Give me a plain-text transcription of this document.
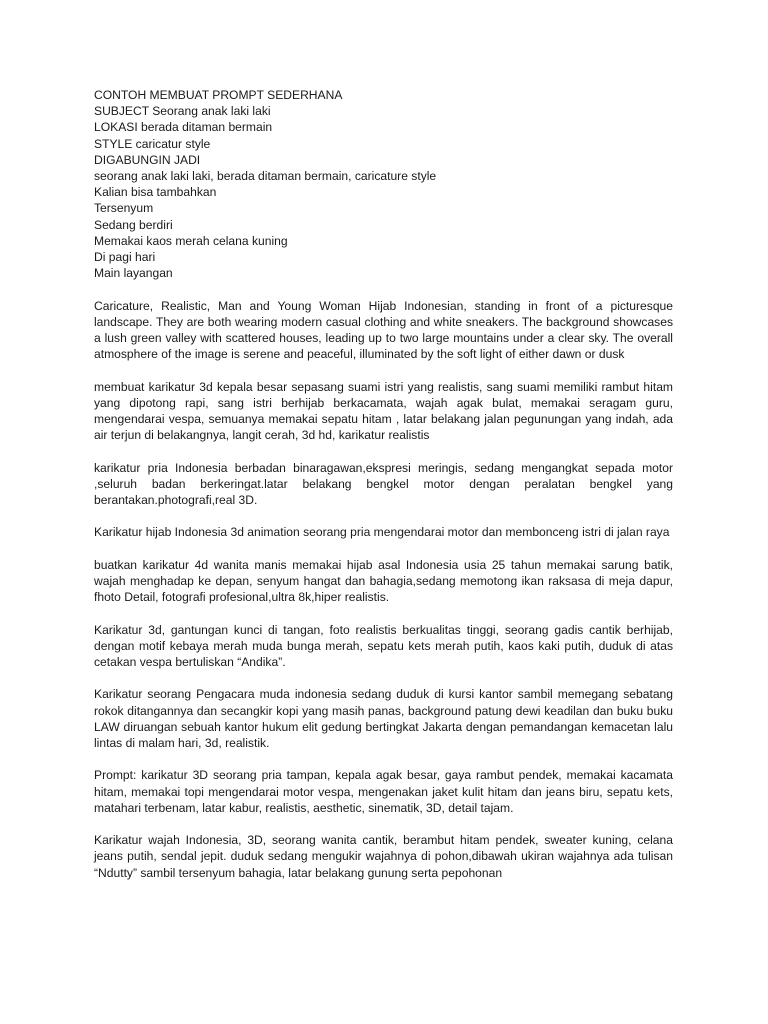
CONTOH MEMBUAT PROMPT SEDERHANA
SUBJECT Seorang anak laki laki
LOKASI berada ditaman bermain
STYLE caricatur style
DIGABUNGIN JADI
seorang anak laki laki, berada ditaman bermain, caricature style
Kalian bisa tambahkan
Tersenyum
Sedang berdiri
Memakai kaos merah celana kuning
Di pagi hari
Main layangan

Caricature, Realistic, Man and Young Woman Hijab Indonesian, standing in front of a picturesque landscape. They are both wearing modern casual clothing and white sneakers. The background showcases a lush green valley with scattered houses, leading up to two large mountains under a clear sky. The overall atmosphere of the image is serene and peaceful, illuminated by the soft light of either dawn or dusk

membuat karikatur 3d kepala besar sepasang suami istri yang realistis, sang suami memiliki rambut hitam yang dipotong rapi, sang istri berhijab berkacamata, wajah agak bulat, memakai seragam guru, mengendarai vespa, semuanya memakai sepatu hitam , latar belakang jalan pegunungan yang indah, ada air terjun di belakangnya, langit cerah, 3d hd, karikatur realistis

karikatur pria Indonesia berbadan binaragawan,ekspresi meringis, sedang mengangkat sepada motor ,seluruh badan berkeringat.latar belakang bengkel motor dengan peralatan bengkel yang berantakan.photografi,real 3D.

Karikatur hijab Indonesia 3d animation seorang pria mengendarai motor dan membonceng istri di jalan raya

buatkan karikatur 4d wanita manis memakai hijab asal Indonesia usia 25 tahun memakai sarung batik, wajah menghadap ke depan, senyum hangat dan bahagia,sedang memotong ikan raksasa di meja dapur, fhoto Detail, fotografi profesional,ultra 8k,hiper realistis.

Karikatur 3d, gantungan kunci di tangan, foto realistis berkualitas tinggi, seorang gadis cantik berhijab, dengan motif kebaya merah muda bunga merah, sepatu kets merah putih, kaos kaki putih, duduk di atas cetakan vespa bertuliskan “Andika”.

Karikatur seorang Pengacara muda indonesia sedang duduk di kursi kantor sambil memegang sebatang rokok ditangannya dan secangkir kopi yang masih panas, background patung dewi keadilan dan buku buku LAW diruangan sebuah kantor hukum elit gedung bertingkat Jakarta dengan pemandangan kemacetan lalu lintas di malam hari, 3d, realistik.

Prompt: karikatur 3D seorang pria tampan, kepala agak besar, gaya rambut pendek, memakai kacamata hitam, memakai topi mengendarai motor vespa, mengenakan jaket kulit hitam dan jeans biru, sepatu kets, matahari terbenam, latar kabur, realistis, aesthetic, sinematik, 3D, detail tajam.

Karikatur wajah Indonesia, 3D, seorang wanita cantik, berambut hitam pendek, sweater kuning, celana jeans putih, sendal jepit. duduk sedang mengukir wajahnya di pohon,dibawah ukiran wajahnya ada tulisan “Ndutty” sambil tersenyum bahagia, latar belakang gunung serta pepohonan
